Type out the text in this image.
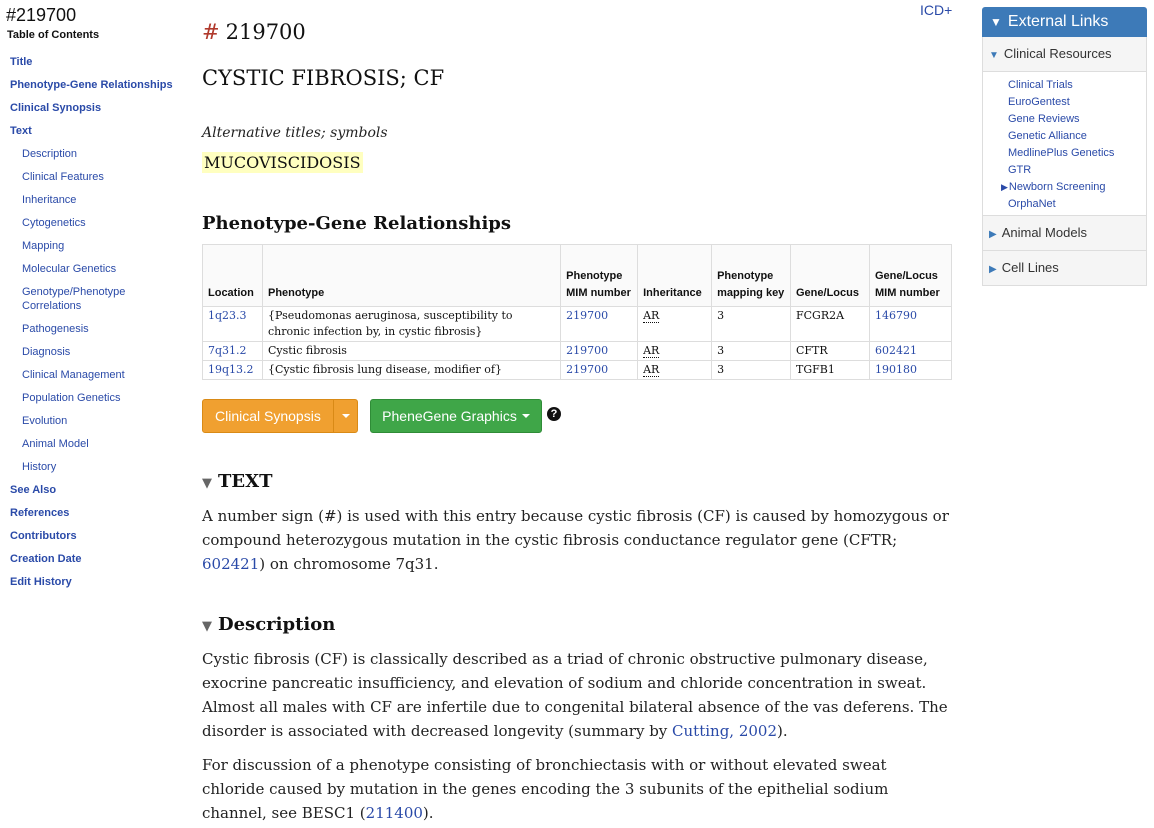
#219700
Table of Contents
Title
Phenotype-Gene Relationships
Clinical Synopsis
Text
Description
Clinical Features
Inheritance
Cytogenetics
Mapping
Molecular Genetics
Genotype/Phenotype Correlations
Pathogenesis
Diagnosis
Clinical Management
Population Genetics
Evolution
Animal Model
History
See Also
References
Contributors
Creation Date
Edit History
ICD+
# 219700
CYSTIC FIBROSIS; CF
Alternative titles; symbols
MUCOVISCIDOSIS
Phenotype-Gene Relationships
Location	Phenotype	Phenotype MIM number	Inheritance	Phenotype mapping key	Gene/Locus	Gene/Locus MIM number
1q23.3	{Pseudomonas aeruginosa, susceptibility to chronic infection by, in cystic fibrosis}	219700	AR	3	FCGR2A	146790
7q31.2	Cystic fibrosis	219700	AR	3	CFTR	602421
19q13.2	{Cystic fibrosis lung disease, modifier of}	219700	AR	3	TGFB1	190180
Clinical Synopsis	PheneGene Graphics	?
▼ TEXT
A number sign (#) is used with this entry because cystic fibrosis (CF) is caused by homozygous or compound heterozygous mutation in the cystic fibrosis conductance regulator gene (CFTR; 602421) on chromosome 7q31.
▼ Description
Cystic fibrosis (CF) is classically described as a triad of chronic obstructive pulmonary disease, exocrine pancreatic insufficiency, and elevation of sodium and chloride concentration in sweat. Almost all males with CF are infertile due to congenital bilateral absence of the vas deferens. The disorder is associated with decreased longevity (summary by Cutting, 2002).
For discussion of a phenotype consisting of bronchiectasis with or without elevated sweat chloride caused by mutation in the genes encoding the 3 subunits of the epithelial sodium channel, see BESC1 (211400).
▼ External Links
▼ Clinical Resources
Clinical Trials
EuroGentest
Gene Reviews
Genetic Alliance
MedlinePlus Genetics
GTR
▶Newborn Screening
OrphaNet
▶ Animal Models
▶ Cell Lines
